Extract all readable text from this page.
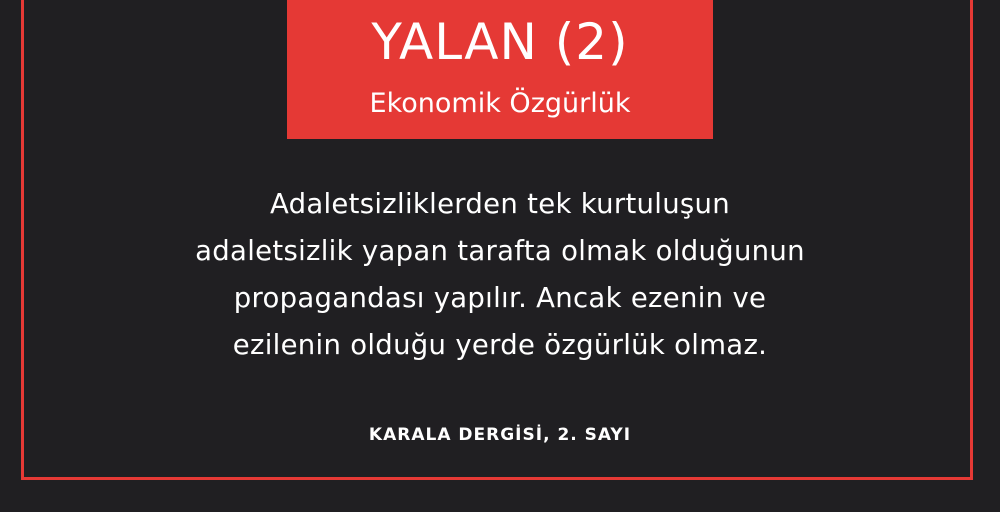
YALAN (2)
Ekonomik Özgürlük
Adaletsizliklerden tek kurtuluşun
adaletsizlik yapan tarafta olmak olduğunun
propagandası yapılır. Ancak ezenin ve
ezilenin olduğu yerde özgürlük olmaz.
KARALA DERGİSİ, 2. SAYI
